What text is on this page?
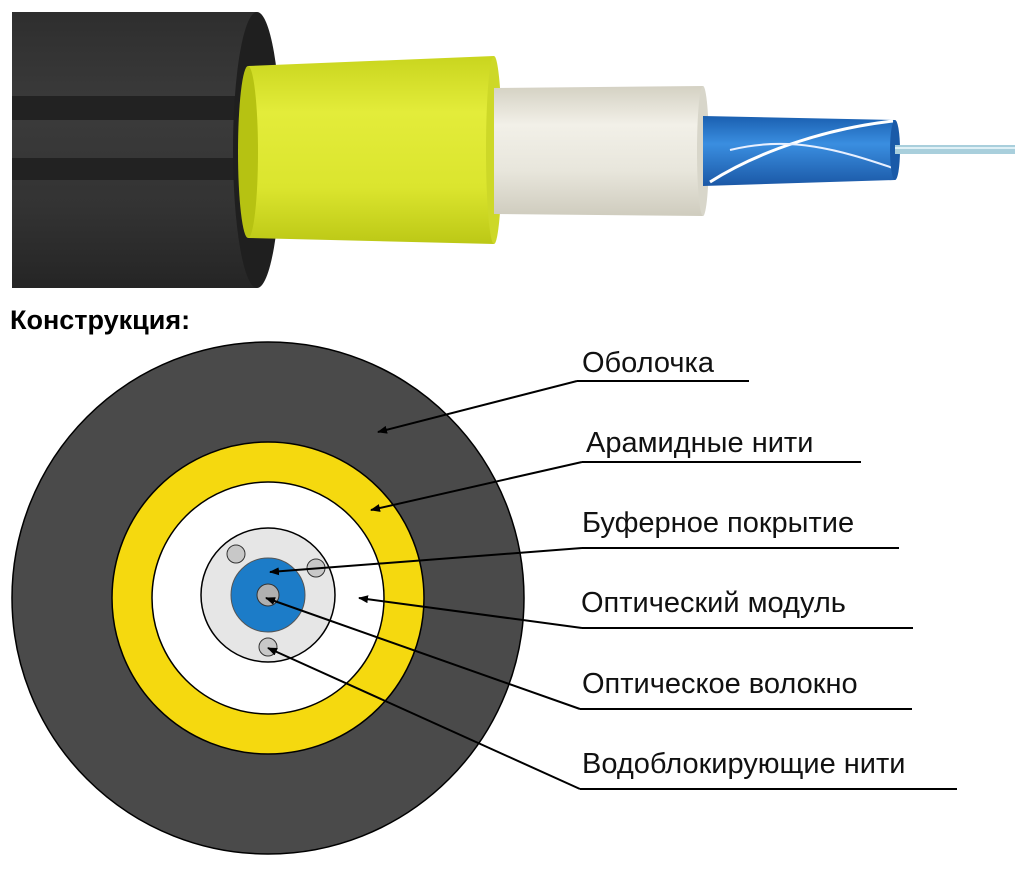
Конструкция:
Оболочка
Арамидные нити
Буферное покрытие
Оптический модуль
Оптическое волокно
Водоблокирующие нити
